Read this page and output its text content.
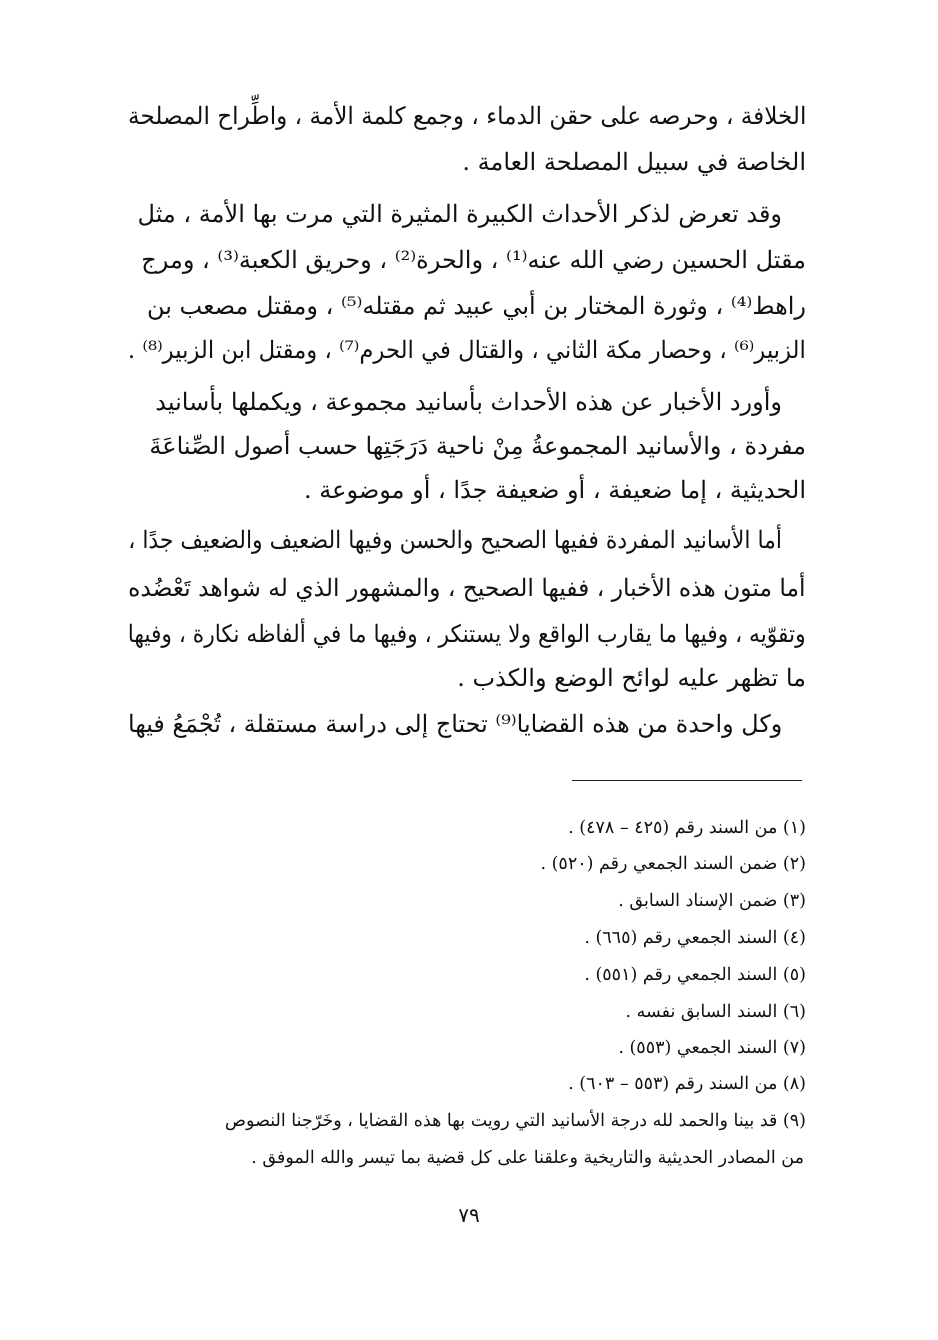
الخلافة ، وحرصه على حقن الدماء ، وجمع كلمة الأمة ، واطِّراح المصلحة
الخاصة في سبيل المصلحة العامة .
وقد تعرض لذكر الأحداث الكبيرة المثيرة التي مرت بها الأمة ، مثل
مقتل الحسين رضي الله عنه⁽¹⁾ ، والحرة⁽²⁾ ، وحريق الكعبة⁽³⁾ ، ومرج
راهط⁽⁴⁾ ، وثورة المختار بن أبي عبيد ثم مقتله⁽⁵⁾ ، ومقتل مصعب بن
الزبير⁽⁶⁾ ، وحصار مكة الثاني ، والقتال في الحرم⁽⁷⁾ ، ومقتل ابن الزبير⁽⁸⁾ .
وأورد الأخبار عن هذه الأحداث بأسانيد مجموعة ، ويكملها بأسانيد
مفردة ، والأسانيد المجموعةُ مِنْ ناحية دَرَجَتِها حسب أصول الصِّناعَةَ
الحديثية ، إما ضعيفة ، أو ضعيفة جدًا ، أو موضوعة .
أما الأسانيد المفردة ففيها الصحيح والحسن وفيها الضعيف والضعيف جدًا ،
أما متون هذه الأخبار ، ففيها الصحيح ، والمشهور الذي له شواهد تَعْضُده
وتقوّيه ، وفيها ما يقارب الواقع ولا يستنكر ، وفيها ما في ألفاظه نكارة ، وفيها
ما تظهر عليه لوائح الوضع والكذب .
وكل واحدة من هذه القضايا⁽⁹⁾ تحتاج إلى دراسة مستقلة ، تُجْمَعُ فيها
(١) من السند رقم (٤٢٥ – ٤٧٨) .
(٢) ضمن السند الجمعي رقم (٥٢٠) .
(٣) ضمن الإسناد السابق .
(٤) السند الجمعي رقم (٦٦٥) .
(٥) السند الجمعي رقم (٥٥١) .
(٦) السند السابق نفسه .
(٧) السند الجمعي (٥٥٣) .
(٨) من السند رقم (٥٥٣ – ٦٠٣) .
(٩) قد بينا والحمد لله درجة الأسانيد التي رويت بها هذه القضايا ، وخَرّجنا النصوص
من المصادر الحديثية والتاريخية وعلقنا على كل قضية بما تيسر والله الموفق .
٧٩
